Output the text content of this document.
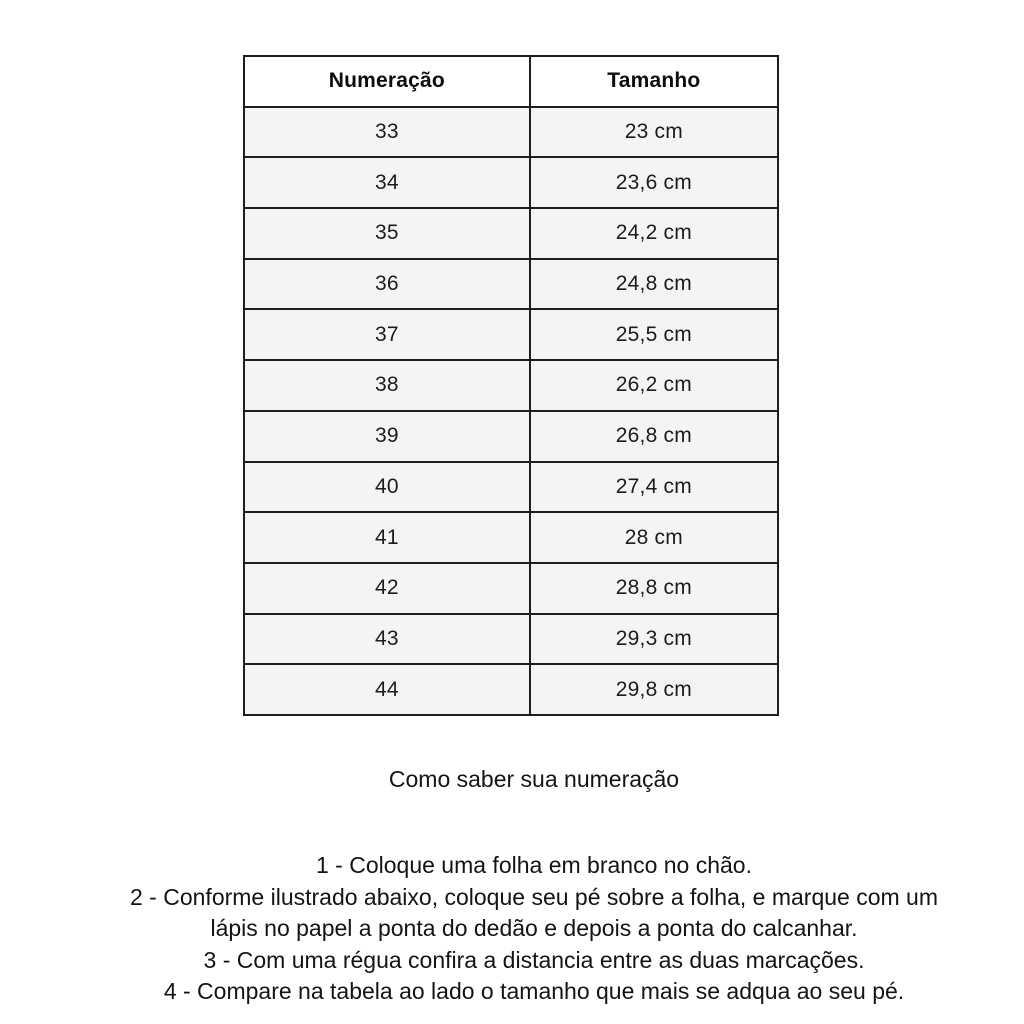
Numeração	Tamanho
33	23 cm
34	23,6 cm
35	24,2 cm
36	24,8 cm
37	25,5 cm
38	26,2 cm
39	26,8 cm
40	27,4 cm
41	28 cm
42	28,8 cm
43	29,3 cm
44	29,8 cm

Como saber sua numeração

1 - Coloque uma folha em branco no chão.

2 - Conforme ilustrado abaixo, coloque seu pé sobre a folha, e marque com um lápis no papel a ponta do dedão e depois a ponta do calcanhar.

3 - Com uma régua confira a distancia entre as duas marcações.

4 - Compare na tabela ao lado o tamanho que mais se adqua ao seu pé.
